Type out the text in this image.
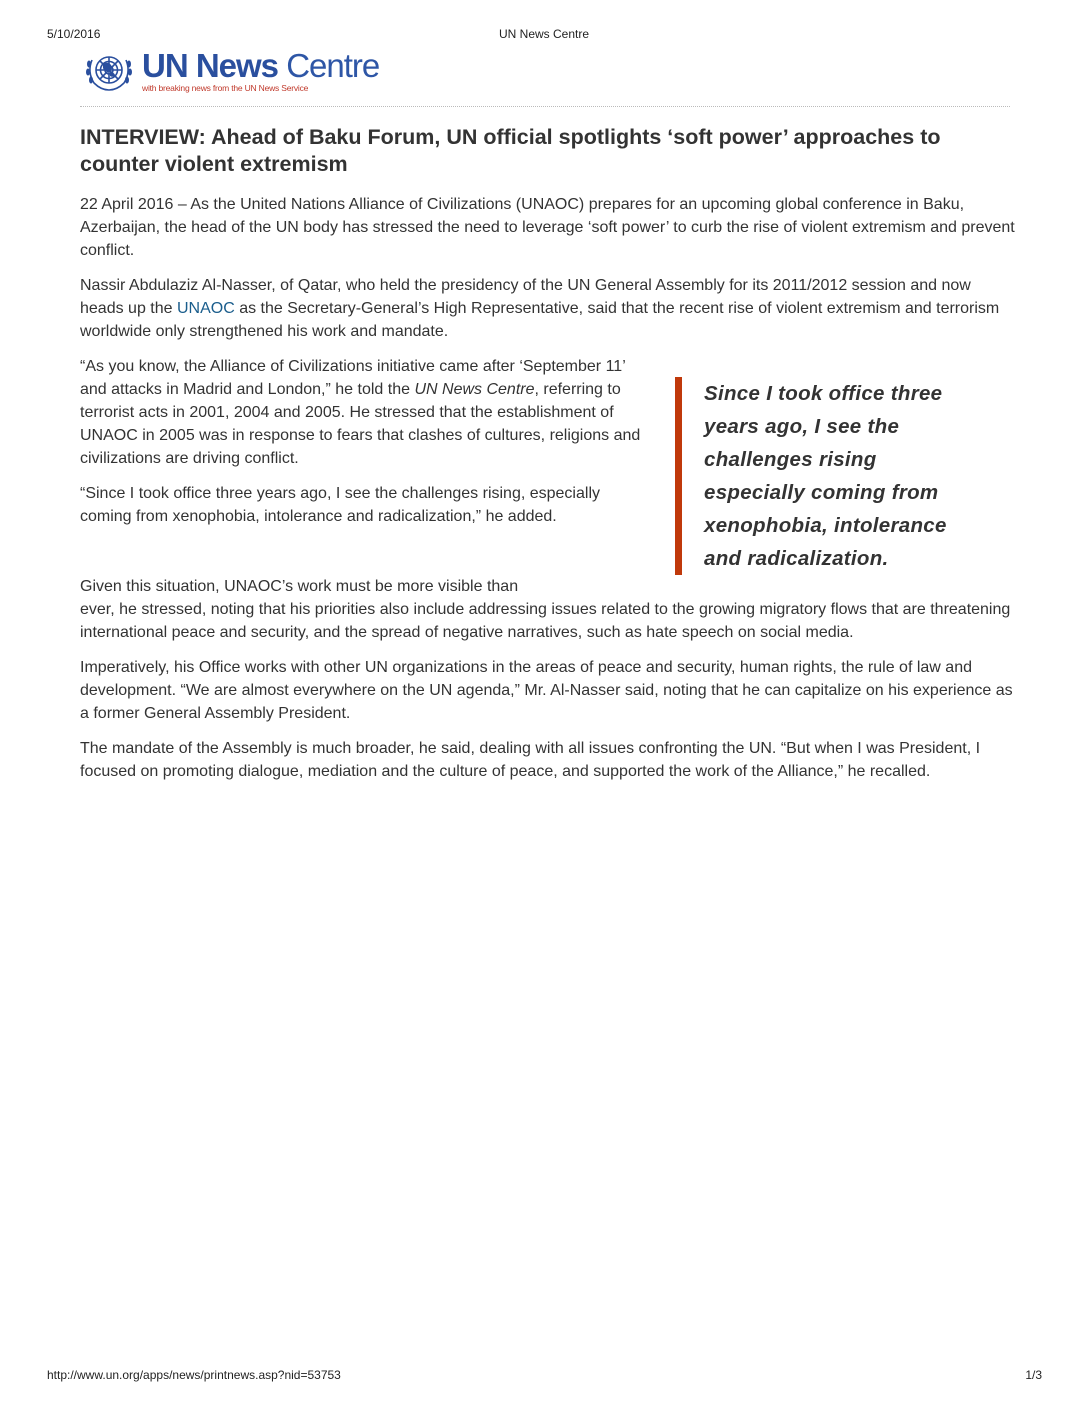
5/10/2016	UN News Centre
UN News Centre
with breaking news from the UN News Service
INTERVIEW: Ahead of Baku Forum, UN official spotlights ‘soft power’ approaches to counter violent extremism

22 April 2016 – As the United Nations Alliance of Civilizations (UNAOC) prepares for an upcoming global conference in Baku, Azerbaijan, the head of the UN body has stressed the need to leverage ‘soft power’ to curb the rise of violent extremism and prevent conflict.

Nassir Abdulaziz Al-Nasser, of Qatar, who held the presidency of the UN General Assembly for its 2011/2012 session and now heads up the UNAOC as the Secretary-General’s High Representative, said that the recent rise of violent extremism and terrorism worldwide only strengthened his work and mandate.

“As you know, the Alliance of Civilizations initiative came after ‘September 11’ and attacks in Madrid and London,” he told the UN News Centre, referring to terrorist acts in 2001, 2004 and 2005. He stressed that the establishment of UNAOC in 2005 was in response to fears that clashes of cultures, religions and civilizations are driving conflict.

“Since I took office three years ago, I see the challenges rising, especially coming from xenophobia, intolerance and radicalization,” he added.

Since I took office three years ago, I see the challenges rising especially coming from xenophobia, intolerance and radicalization.

Given this situation, UNAOC’s work must be more visible than
ever, he stressed, noting that his priorities also include addressing issues related to the growing migratory flows that are threatening international peace and security, and the spread of negative narratives, such as hate speech on social media.

Imperatively, his Office works with other UN organizations in the areas of peace and security, human rights, the rule of law and development. “We are almost everywhere on the UN agenda,” Mr. Al-Nasser said, noting that he can capitalize on his experience as a former General Assembly President.

The mandate of the Assembly is much broader, he said, dealing with all issues confronting the UN. “But when I was President, I focused on promoting dialogue, mediation and the culture of peace, and supported the work of the Alliance,” he recalled.

http://www.un.org/apps/news/printnews.asp?nid=53753	1/3
